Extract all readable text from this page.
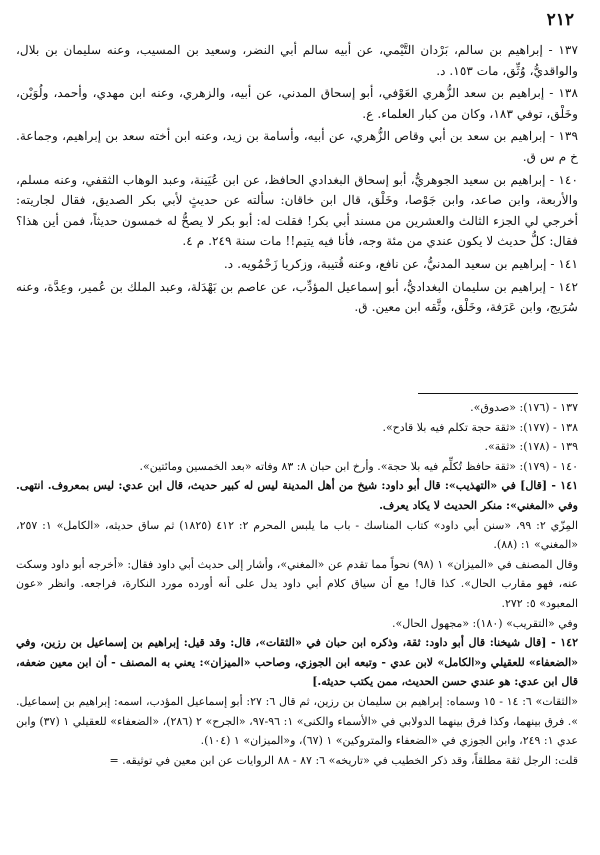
٢١٢

١٣٧ - إبراهيم بن سالم، بَرْدان التَّيْمي، عن أبيه سالم أبي النضر، وسعيد بن المسيب، وعنه سليمان بن بلال، والواقديُّ، وُثِّق، مات ١٥٣. د.

١٣٨ - إبراهيم بن سعد الزُّهري العَوْفي، أبو إسحاق المدني، عن أبيه، والزهري، وعنه ابن مهدي، وأحمد، ولُوَيْن، وخَلْق، توفي ١٨٣، وكان من كبار العلماء. ع.

١٣٩ - إبراهيم بن سعد بن أبي وقاص الزُّهري، عن أبيه، وأسامة بن زيد، وعنه ابن أخته سعد بن إبراهيم، وجماعة. خ م س ق.

١٤٠ - إبراهيم بن سعيد الجوهريُّ، أبو إسحاق البغدادي الحافظ، عن ابن عُيَينة، وعبد الوهاب الثقفي، وعنه مسلم، والأربعة، وابن صاعد، وابن جَوْصا، وخَلْق، قال ابن خاقان: سألته عن حديثٍ لأبي بكر الصديق، فقال لجاريته: أخرجي لي الجزء الثالث والعشرين من مسند أبي بكر! فقلت له: أبو بكر لا يصحُّ له خمسون حديثاً، فمن أين هذا؟ فقال: كلُّ حديث لا يكون عندي من مئة وجه، فأنا فيه يتيم!! مات سنة ٢٤٩. م ٤.

١٤١ - إبراهيم بن سعيد المدنيُّ، عن نافع، وعنه قُتيبة، وزكريا زَحْمُويه. د.

١٤٢ - إبراهيم بن سليمان البغداديُّ، أبو إسماعيل المؤدِّب، عن عاصم بن بَهْدَلة، وعبد الملك بن عُمير، وعِدَّة، وعنه سُرَيج، وابن عَرَفة، وخَلْق، وثَّقه ابن معين. ق.

١٣٧ - (١٧٦): «صدوق».

١٣٨ - (١٧٧): «ثقة حجة تكلم فيه بلا قادح».

١٣٩ - (١٧٨): «ثقة».

١٤٠ - (١٧٩): «ثقة حافظ تُكلِّم فيه بلا حجة». وأرخ ابن حبان ٨: ٨٣ وفاته «بعد الخمسين ومائتين».

١٤١ - [قال] في «التهذيب»: قال أبو داود: شيخ من أهل المدينة ليس له كبير حديث، قال ابن عدي: ليس بمعروف. انتهى. وفي «المغني»: منكر الحديث لا يكاد يعرف.

المِزّي ٢: ٩٩، «سنن أبي داود» كتاب المناسك - باب ما يلبس المحرم ٢: ٤١٢ (١٨٢٥) ثم ساق حديثه، «الكامل» ١: ٢٥٧، «المغني» ١: (٨٨).

وقال المصنف في «الميزان» ١ (٩٨) نحواً مما تقدم عن «المغني»، وأشار إلى حديث أبي داود فقال: «أخرجه أبو داود وسكت عنه، فهو مقارب الحال». كذا قال! مع أن سياق كلام أبي داود يدل على أنه أورده مورد النكارة، فراجعه. وانظر «عون المعبود» ٥: ٢٧٢.

وفي «التقريب» (١٨٠): «مجهول الحال».

١٤٢ - [قال شيخنا: قال أبو داود: ثقة، وذكره ابن حبان في «الثقات»، قال: وقد قيل: إبراهيم بن إسماعيل بن رزين، وفي «الضعفاء» للعقيلي و«الكامل» لابن عدي - وتبعه ابن الجوزي، وصاحب «الميزان»: يعني به المصنف - أن ابن معين ضعفه، قال ابن عدي: هو عندي حسن الحديث، ممن يكتب حديثه.]

«الثقات» ٦: ١٤ - ١٥ وسماه: إبراهيم بن سليمان بن رزين، ثم قال ٦: ٢٧: أبو إسماعيل المؤدب، اسمه: إبراهيم بن إسماعيل. ». فرق بينهما، وكذا فرق بينهما الدولابي في «الأسماء والكنى» ١: ٩٦-٩٧، «الجرح» ٢ (٢٨٦)، «الضعفاء» للعقيلي ١ (٣٧) وابن عدي ١: ٢٤٩، وابن الجوزي في «الضعفاء والمتروكين» ١ (٦٧)، و«الميزان» ١ (١٠٤).

قلت: الرجل ثقة مطلقاً، وقد ذكر الخطيب في «تاريخه» ٦: ٨٧ - ٨٨ الروايات عن ابن معين في توثيقه. =
